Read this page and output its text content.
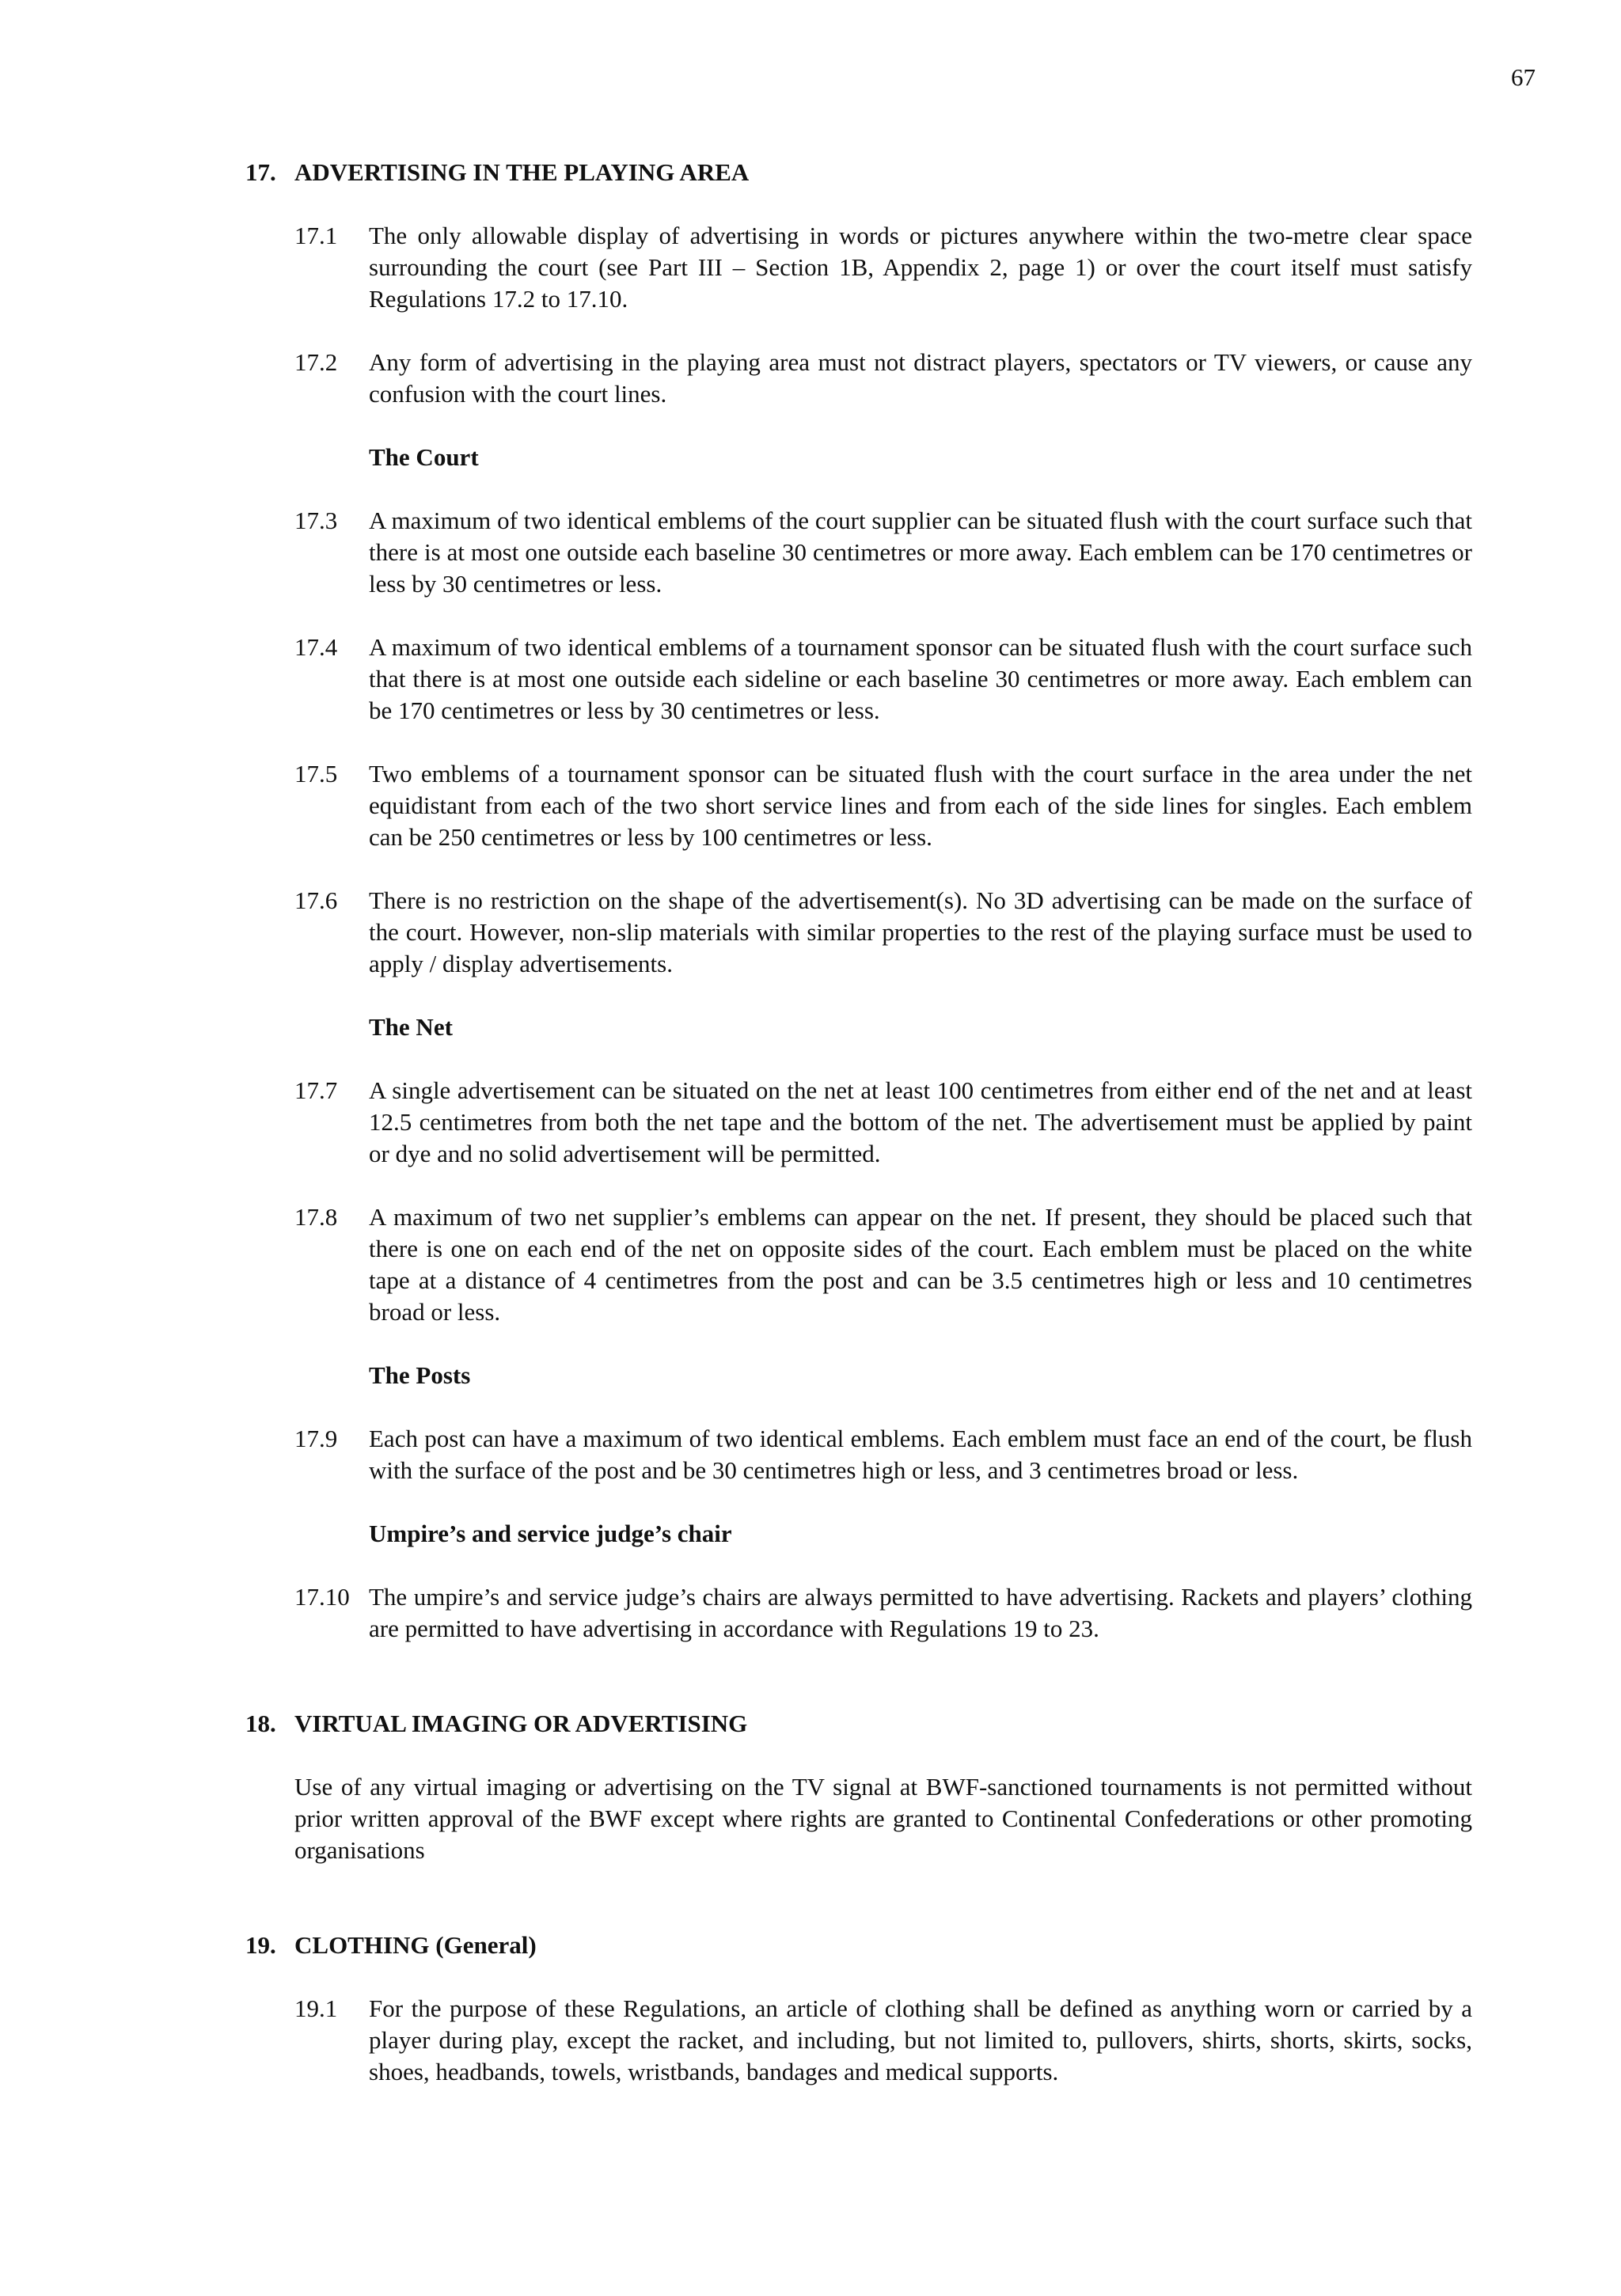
67
17. ADVERTISING IN THE PLAYING AREA
17.1	The only allowable display of advertising in words or pictures anywhere within the two-metre clear space surrounding the court (see Part III – Section 1B, Appendix 2, page 1) or over the court itself must satisfy Regulations 17.2 to 17.10.
17.2	Any form of advertising in the playing area must not distract players, spectators or TV viewers, or cause any confusion with the court lines.
The Court
17.3	A maximum of two identical emblems of the court supplier can be situated flush with the court surface such that there is at most one outside each baseline 30 centimetres or more away. Each emblem can be 170 centimetres or less by 30 centimetres or less.
17.4	A maximum of two identical emblems of a tournament sponsor can be situated flush with the court surface such that there is at most one outside each sideline or each baseline 30 centimetres or more away. Each emblem can be 170 centimetres or less by 30 centimetres or less.
17.5	Two emblems of a tournament sponsor can be situated flush with the court surface in the area under the net equidistant from each of the two short service lines and from each of the side lines for singles. Each emblem can be 250 centimetres or less by 100 centimetres or less.
17.6	There is no restriction on the shape of the advertisement(s). No 3D advertising can be made on the surface of the court. However, non-slip materials with similar properties to the rest of the playing surface must be used to apply / display advertisements.
The Net
17.7	A single advertisement can be situated on the net at least 100 centimetres from either end of the net and at least 12.5 centimetres from both the net tape and the bottom of the net. The advertisement must be applied by paint or dye and no solid advertisement will be permitted.
17.8	A maximum of two net supplier’s emblems can appear on the net. If present, they should be placed such that there is one on each end of the net on opposite sides of the court. Each emblem must be placed on the white tape at a distance of 4 centimetres from the post and can be 3.5 centimetres high or less and 10 centimetres broad or less.
The Posts
17.9	Each post can have a maximum of two identical emblems. Each emblem must face an end of the court, be flush with the surface of the post and be 30 centimetres high or less, and 3 centimetres broad or less.
Umpire’s and service judge’s chair
17.10 The umpire’s and service judge’s chairs are always permitted to have advertising. Rackets and players’ clothing are permitted to have advertising in accordance with Regulations 19 to 23.
18. VIRTUAL IMAGING OR ADVERTISING
Use of any virtual imaging or advertising on the TV signal at BWF-sanctioned tournaments is not permitted without prior written approval of the BWF except where rights are granted to Continental Confederations or other promoting organisations
19. CLOTHING (General)
19.1	For the purpose of these Regulations, an article of clothing shall be defined as anything worn or carried by a player during play, except the racket, and including, but not limited to, pullovers, shirts, shorts, skirts, socks, shoes, headbands, towels, wristbands, bandages and medical supports.
